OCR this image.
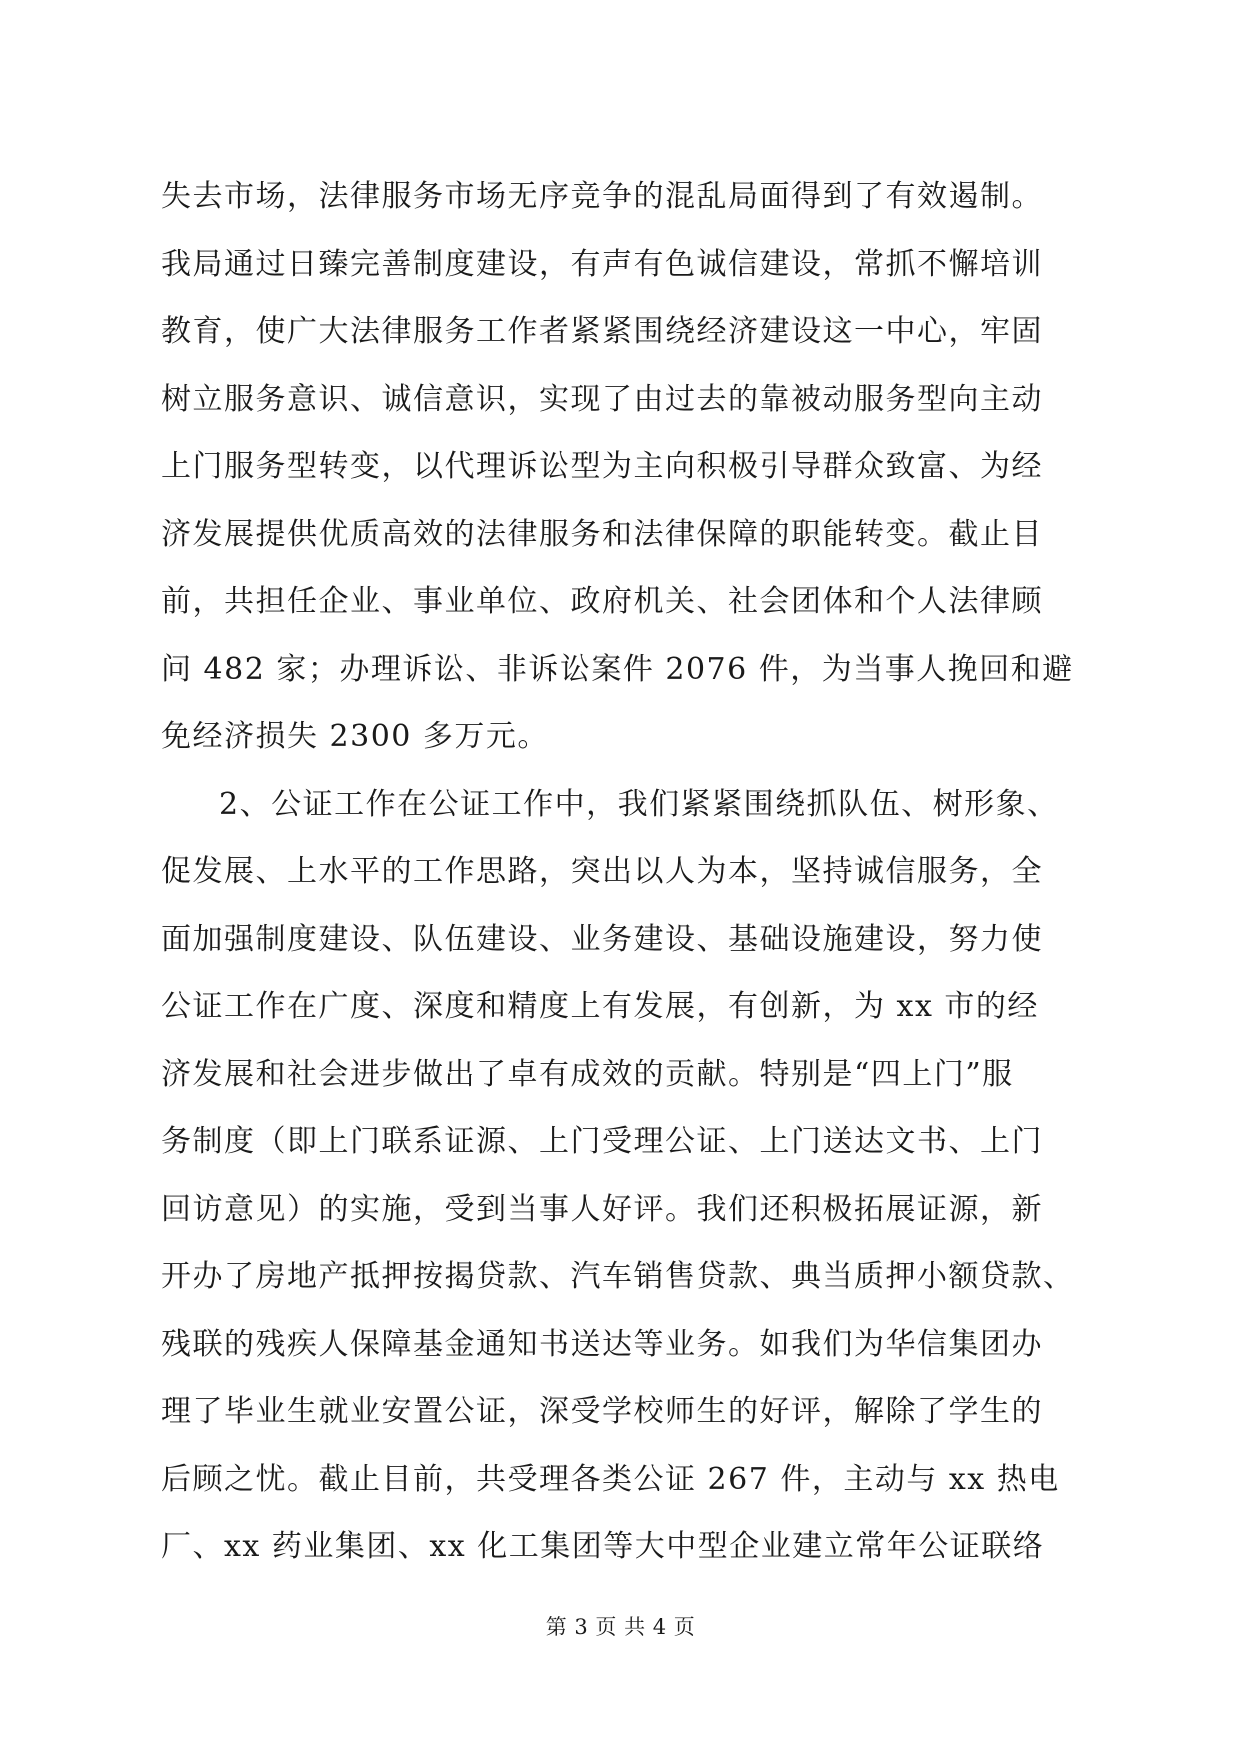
失去市场，法律服务市场无序竞争的混乱局面得到了有效遏制。
我局通过日臻完善制度建设，有声有色诚信建设，常抓不懈培训
教育，使广大法律服务工作者紧紧围绕经济建设这一中心，牢固
树立服务意识、诚信意识，实现了由过去的靠被动服务型向主动
上门服务型转变，以代理诉讼型为主向积极引导群众致富、为经
济发展提供优质高效的法律服务和法律保障的职能转变。截止目
前，共担任企业、事业单位、政府机关、社会团体和个人法律顾
问 482 家；办理诉讼、非诉讼案件 2076 件，为当事人挽回和避
免经济损失 2300 多万元。
2、公证工作在公证工作中，我们紧紧围绕抓队伍、树形象、
促发展、上水平的工作思路，突出以人为本，坚持诚信服务，全
面加强制度建设、队伍建设、业务建设、基础设施建设，努力使
公证工作在广度、深度和精度上有发展，有创新，为 xx 市的经
济发展和社会进步做出了卓有成效的贡献。特别是“四上门”服
务制度（即上门联系证源、上门受理公证、上门送达文书、上门
回访意见）的实施，受到当事人好评。我们还积极拓展证源，新
开办了房地产抵押按揭贷款、汽车销售贷款、典当质押小额贷款、
残联的残疾人保障基金通知书送达等业务。如我们为华信集团办
理了毕业生就业安置公证，深受学校师生的好评，解除了学生的
后顾之忧。截止目前，共受理各类公证 267 件，主动与 xx 热电
厂、xx 药业集团、xx 化工集团等大中型企业建立常年公证联络
第 3 页 共 4 页
